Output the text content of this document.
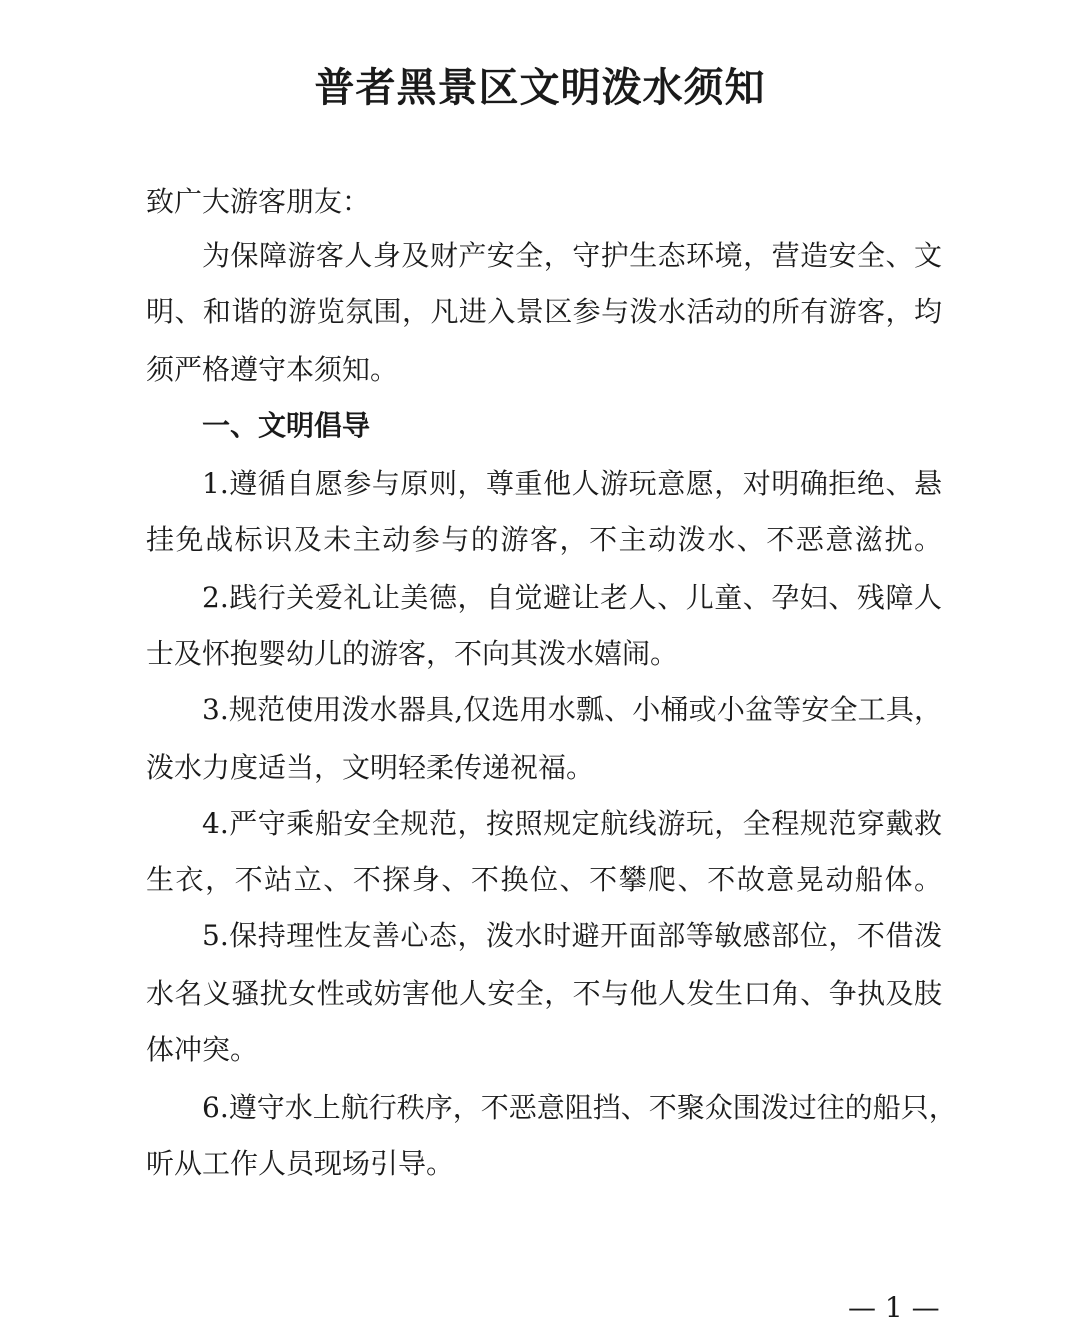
普者黑景区文明泼水须知
致广大游客朋友：
为保障游客人身及财产安全，守护生态环境，营造安全、文
明、和谐的游览氛围，凡进入景区参与泼水活动的所有游客，均
须严格遵守本须知。
一、文明倡导
1.遵循自愿参与原则，尊重他人游玩意愿，对明确拒绝、悬
挂免战标识及未主动参与的游客，不主动泼水、不恶意滋扰。
2.践行关爱礼让美德，自觉避让老人、儿童、孕妇、残障人
士及怀抱婴幼儿的游客，不向其泼水嬉闹。
3.规范使用泼水器具,仅选用水瓢、小桶或小盆等安全工具，
泼水力度适当，文明轻柔传递祝福。
4.严守乘船安全规范，按照规定航线游玩，全程规范穿戴救
生衣，不站立、不探身、不换位、不攀爬、不故意晃动船体。
5.保持理性友善心态，泼水时避开面部等敏感部位，不借泼
水名义骚扰女性或妨害他人安全，不与他人发生口角、争执及肢
体冲突。
6.遵守水上航行秩序，不恶意阻挡、不聚众围泼过往的船只，
听从工作人员现场引导。
— 1 —
